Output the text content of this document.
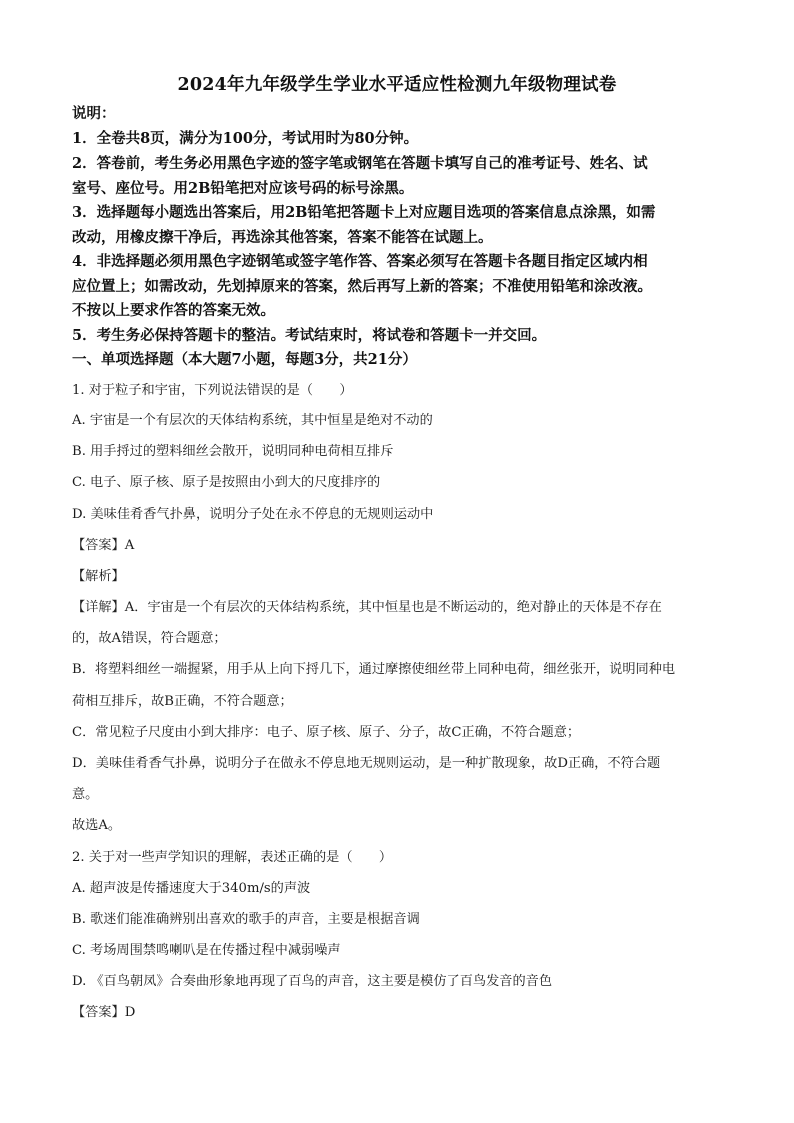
2024年九年级学生学业水平适应性检测九年级物理试卷
说明：
1．全卷共8页，满分为100分，考试用时为80分钟。
2．答卷前，考生务必用黑色字迹的签字笔或钢笔在答题卡填写自己的准考证号、姓名、试
室号、座位号。用2B铅笔把对应该号码的标号涂黑。
3．选择题每小题选出答案后，用2B铅笔把答题卡上对应题目选项的答案信息点涂黑，如需
改动，用橡皮擦干净后，再选涂其他答案，答案不能答在试题上。
4．非选择题必须用黑色字迹钢笔或签字笔作答、答案必须写在答题卡各题目指定区域内相
应位置上；如需改动，先划掉原来的答案，然后再写上新的答案；不准使用铅笔和涂改液。
不按以上要求作答的答案无效。
5．考生务必保持答题卡的整洁。考试结束时，将试卷和答题卡一并交回。
一、单项选择题（本大题7小题，每题3分，共21分）
1. 对于粒子和宇宙，下列说法错误的是（　　）
A. 宇宙是一个有层次的天体结构系统，其中恒星是绝对不动的
B. 用手捋过的塑料细丝会散开，说明同种电荷相互排斥
C. 电子、原子核、原子是按照由小到大的尺度排序的
D. 美味佳肴香气扑鼻，说明分子处在永不停息的无规则运动中
【答案】A
【解析】
【详解】A．宇宙是一个有层次的天体结构系统，其中恒星也是不断运动的，绝对静止的天体是不存在
的，故A错误，符合题意；
B．将塑料细丝一端握紧，用手从上向下捋几下，通过摩擦使细丝带上同种电荷，细丝张开，说明同种电
荷相互排斥，故B正确，不符合题意；
C．常见粒子尺度由小到大排序：电子、原子核、原子、分子，故C正确，不符合题意；
D．美味佳肴香气扑鼻，说明分子在做永不停息地无规则运动，是一种扩散现象，故D正确，不符合题
意。
故选A。
2. 关于对一些声学知识的理解，表述正确的是（　　）
A. 超声波是传播速度大于340m/s的声波
B. 歌迷们能准确辨别出喜欢的歌手的声音，主要是根据音调
C. 考场周围禁鸣喇叭是在传播过程中减弱噪声
D. 《百鸟朝凤》合奏曲形象地再现了百鸟的声音，这主要是模仿了百鸟发音的音色
【答案】D
